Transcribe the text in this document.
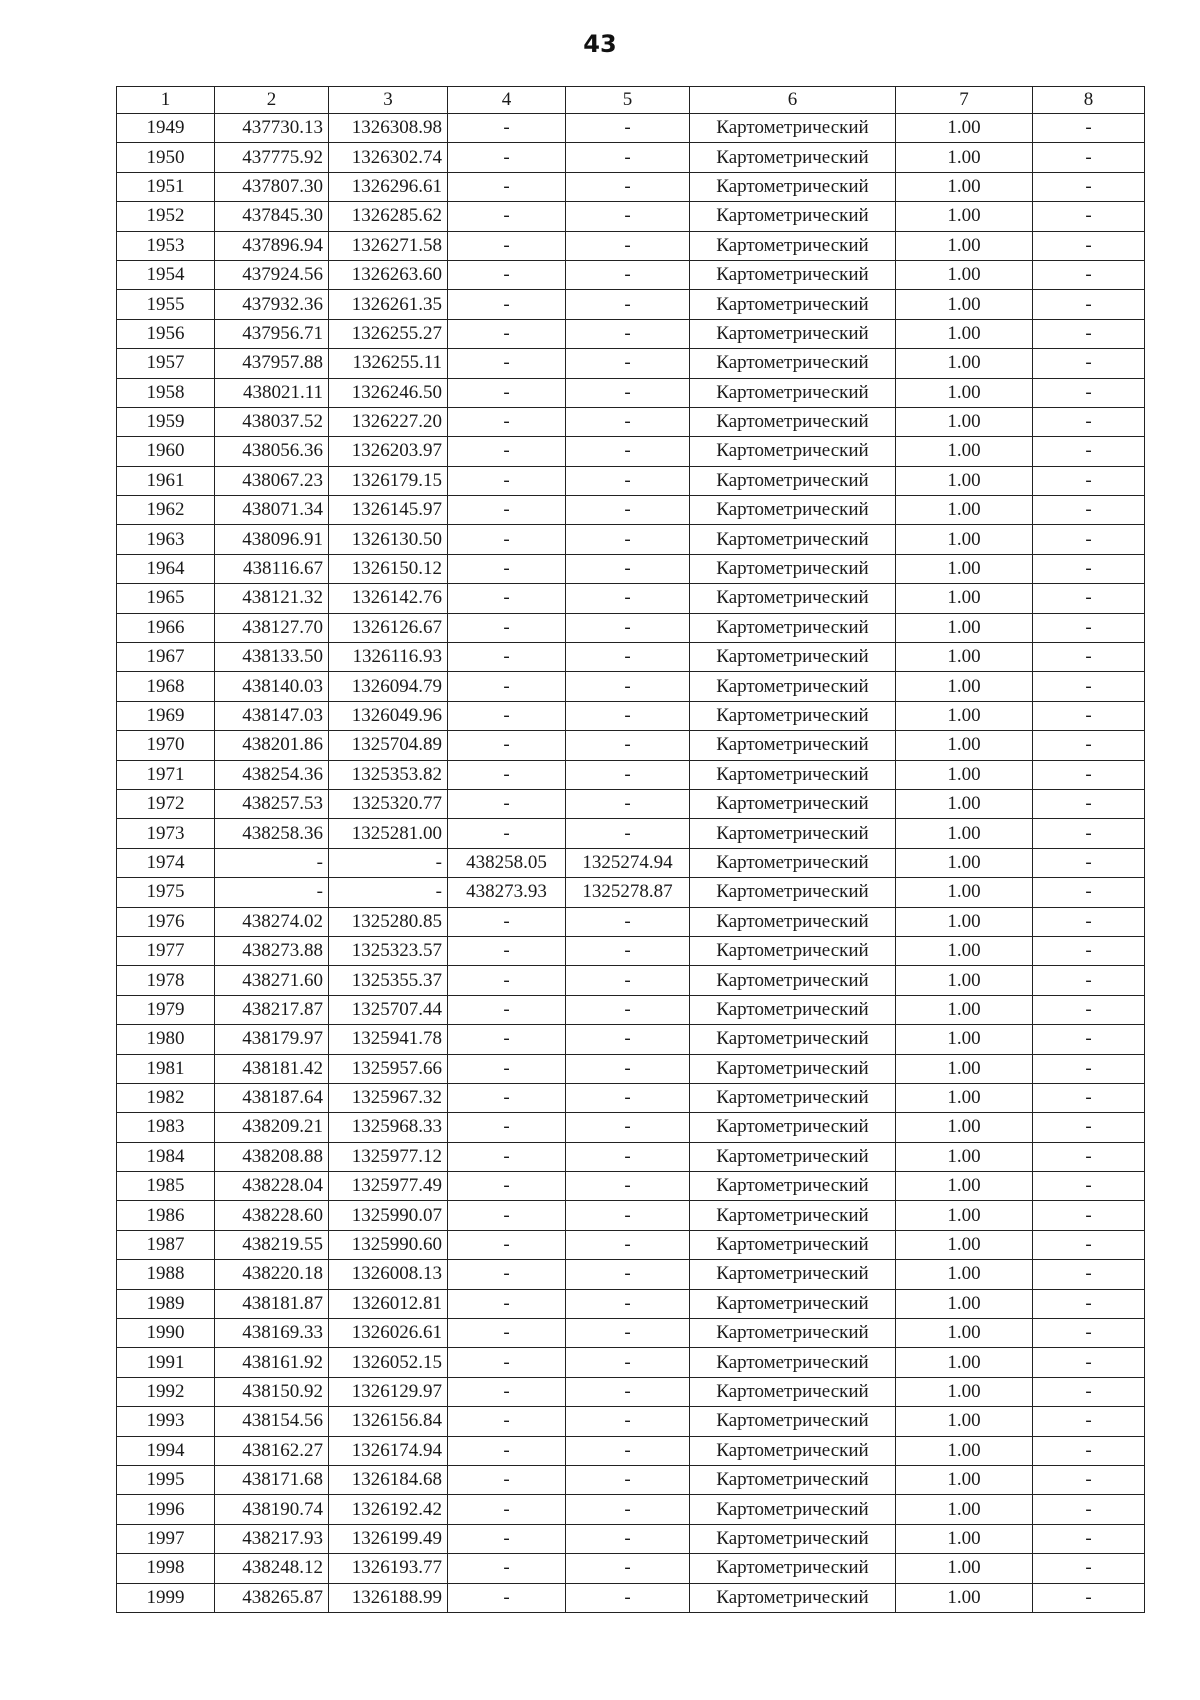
43
1	2	3	4	5	6	7	8
1949	437730.13	1326308.98	-	-	Картометрический	1.00	-
1950	437775.92	1326302.74	-	-	Картометрический	1.00	-
1951	437807.30	1326296.61	-	-	Картометрический	1.00	-
1952	437845.30	1326285.62	-	-	Картометрический	1.00	-
1953	437896.94	1326271.58	-	-	Картометрический	1.00	-
1954	437924.56	1326263.60	-	-	Картометрический	1.00	-
1955	437932.36	1326261.35	-	-	Картометрический	1.00	-
1956	437956.71	1326255.27	-	-	Картометрический	1.00	-
1957	437957.88	1326255.11	-	-	Картометрический	1.00	-
1958	438021.11	1326246.50	-	-	Картометрический	1.00	-
1959	438037.52	1326227.20	-	-	Картометрический	1.00	-
1960	438056.36	1326203.97	-	-	Картометрический	1.00	-
1961	438067.23	1326179.15	-	-	Картометрический	1.00	-
1962	438071.34	1326145.97	-	-	Картометрический	1.00	-
1963	438096.91	1326130.50	-	-	Картометрический	1.00	-
1964	438116.67	1326150.12	-	-	Картометрический	1.00	-
1965	438121.32	1326142.76	-	-	Картометрический	1.00	-
1966	438127.70	1326126.67	-	-	Картометрический	1.00	-
1967	438133.50	1326116.93	-	-	Картометрический	1.00	-
1968	438140.03	1326094.79	-	-	Картометрический	1.00	-
1969	438147.03	1326049.96	-	-	Картометрический	1.00	-
1970	438201.86	1325704.89	-	-	Картометрический	1.00	-
1971	438254.36	1325353.82	-	-	Картометрический	1.00	-
1972	438257.53	1325320.77	-	-	Картометрический	1.00	-
1973	438258.36	1325281.00	-	-	Картометрический	1.00	-
1974	-	-	438258.05	1325274.94	Картометрический	1.00	-
1975	-	-	438273.93	1325278.87	Картометрический	1.00	-
1976	438274.02	1325280.85	-	-	Картометрический	1.00	-
1977	438273.88	1325323.57	-	-	Картометрический	1.00	-
1978	438271.60	1325355.37	-	-	Картометрический	1.00	-
1979	438217.87	1325707.44	-	-	Картометрический	1.00	-
1980	438179.97	1325941.78	-	-	Картометрический	1.00	-
1981	438181.42	1325957.66	-	-	Картометрический	1.00	-
1982	438187.64	1325967.32	-	-	Картометрический	1.00	-
1983	438209.21	1325968.33	-	-	Картометрический	1.00	-
1984	438208.88	1325977.12	-	-	Картометрический	1.00	-
1985	438228.04	1325977.49	-	-	Картометрический	1.00	-
1986	438228.60	1325990.07	-	-	Картометрический	1.00	-
1987	438219.55	1325990.60	-	-	Картометрический	1.00	-
1988	438220.18	1326008.13	-	-	Картометрический	1.00	-
1989	438181.87	1326012.81	-	-	Картометрический	1.00	-
1990	438169.33	1326026.61	-	-	Картометрический	1.00	-
1991	438161.92	1326052.15	-	-	Картометрический	1.00	-
1992	438150.92	1326129.97	-	-	Картометрический	1.00	-
1993	438154.56	1326156.84	-	-	Картометрический	1.00	-
1994	438162.27	1326174.94	-	-	Картометрический	1.00	-
1995	438171.68	1326184.68	-	-	Картометрический	1.00	-
1996	438190.74	1326192.42	-	-	Картометрический	1.00	-
1997	438217.93	1326199.49	-	-	Картометрический	1.00	-
1998	438248.12	1326193.77	-	-	Картометрический	1.00	-
1999	438265.87	1326188.99	-	-	Картометрический	1.00	-
